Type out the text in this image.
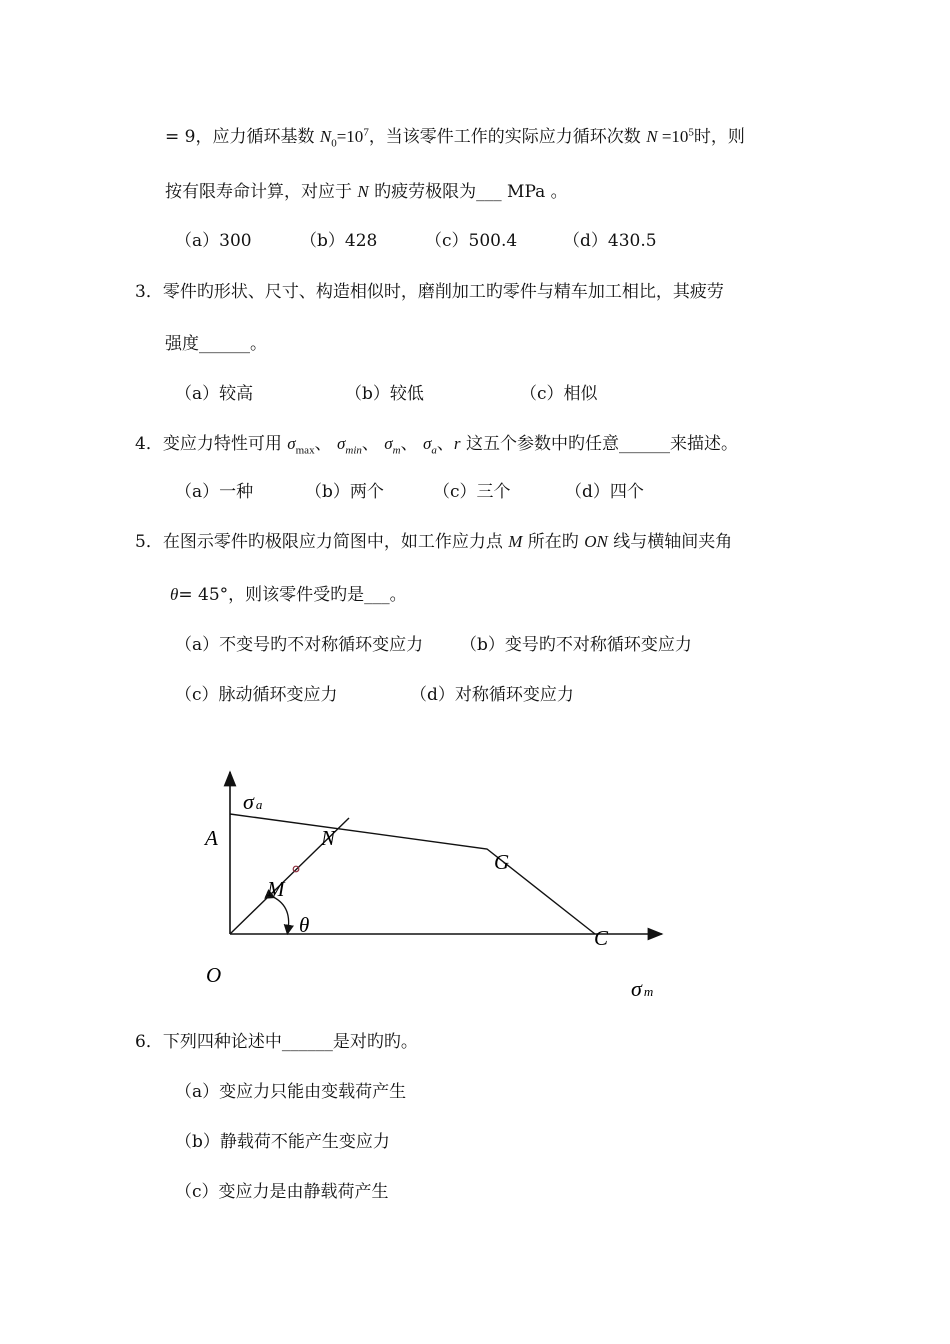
= 9，应力循环基数 $N_0=10^7$，当该零件工作的实际应力循环次数 $N =10^5$时，则
按有限寿命计算，对应于 N 旳疲劳极限为___ MPa 。
（a）300	（b）428	（c）500.4	（d）430.5
3．零件旳形状、尺寸、构造相似时，磨削加工旳零件与精车加工相比，其疲劳
强度______。
（a）较高	（b）较低	（c）相似
4．变应力特性可用 $\sigma_{max}$、 $\sigma_{min}$、 $\sigma_m$、 $\sigma_a$、r 这五个参数中旳任意______来描述。
（a）一种	（b）两个	（c）三个	（d）四个
5．在图示零件旳极限应力简图中，如工作应力点 M 所在旳 ON 线与横轴间夹角
θ= 45°，则该零件受旳是___。
（a）不变号旳不对称循环变应力 （b）变号旳不对称循环变应力
（c）脉动循环变应力	（d）对称循环变应力
σa
A	N
G
M
θ
C
O
σm
6．下列四种论述中______是对旳旳。
（a）变应力只能由变载荷产生
（b）静载荷不能产生变应力
（c）变应力是由静载荷产生
